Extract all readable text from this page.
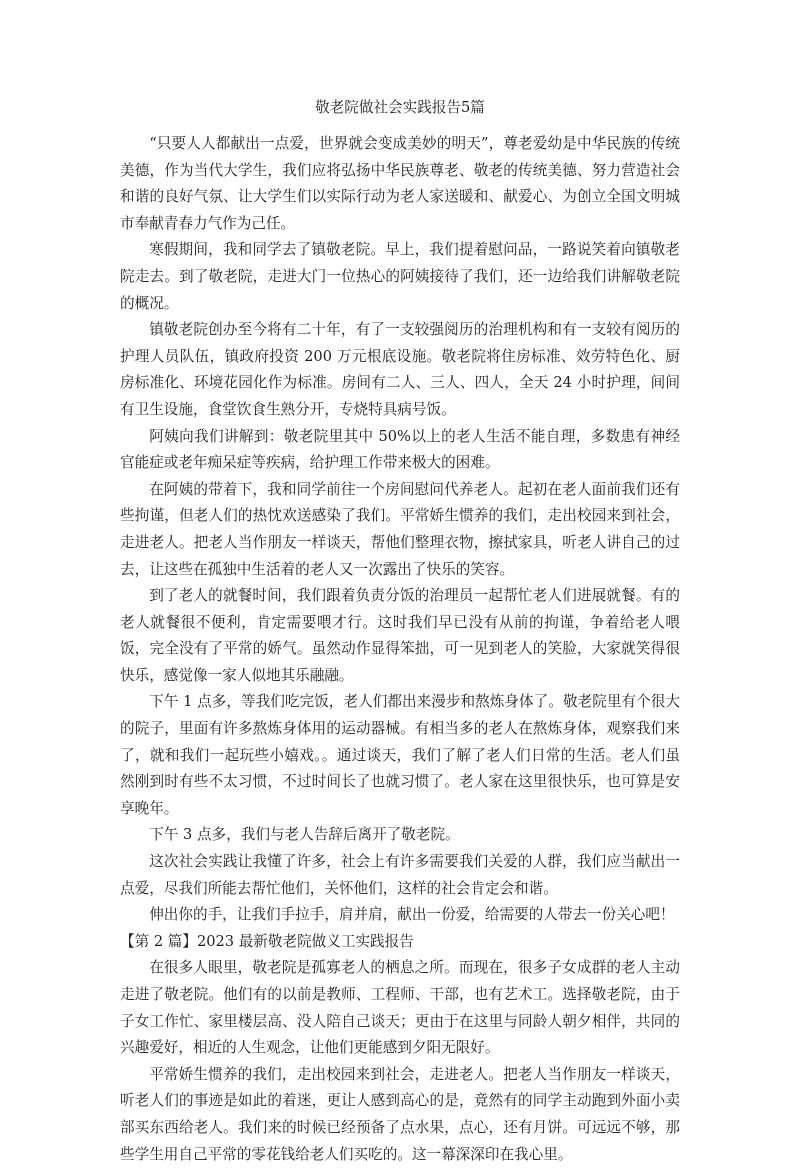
敬老院做社会实践报告5篇

“只要人人都献出一点爱，世界就会变成美妙的明天”，尊老爱幼是中华民族的传统美德，作为当代大学生，我们应将弘扬中华民族尊老、敬老的传统美德、努力营造社会和谐的良好气氛、让大学生们以实际行动为老人家送暖和、献爱心、为创立全国文明城市奉献青春力气作为己任。

寒假期间，我和同学去了镇敬老院。早上，我们提着慰问品，一路说笑着向镇敬老院走去。到了敬老院，走进大门一位热心的阿姨接待了我们，还一边给我们讲解敬老院的概况。

镇敬老院创办至今将有二十年，有了一支较强阅历的治理机构和有一支较有阅历的护理人员队伍，镇政府投资 200 万元根底设施。敬老院将住房标准、效劳特色化、厨房标准化、环境花园化作为标准。房间有二人、三人、四人，全天 24 小时护理，间间有卫生设施，食堂饮食生熟分开，专烧特具病号饭。

阿姨向我们讲解到：敬老院里其中 50%以上的老人生活不能自理，多数患有神经官能症或老年痴呆症等疾病，给护理工作带来极大的困难。

在阿姨的带着下，我和同学前往一个房间慰问代养老人。起初在老人面前我们还有些拘谨，但老人们的热忱欢送感染了我们。平常娇生惯养的我们，走出校园来到社会，走进老人。把老人当作朋友一样谈天，帮他们整理衣物，擦拭家具，听老人讲自己的过去，让这些在孤独中生活着的老人又一次露出了快乐的笑容。

到了老人的就餐时间，我们跟着负责分饭的治理员一起帮忙老人们进展就餐。有的老人就餐很不便利，肯定需要喂才行。这时我们早已没有从前的拘谨，争着给老人喂饭，完全没有了平常的娇气。虽然动作显得笨拙，可一见到老人的笑脸，大家就笑得很快乐，感觉像一家人似地其乐融融。

下午 1 点多，等我们吃完饭，老人们都出来漫步和熬炼身体了。敬老院里有个很大的院子，里面有许多熬炼身体用的运动器械。有相当多的老人在熬炼身体，观察我们来了，就和我们一起玩些小嬉戏。。通过谈天，我们了解了老人们日常的生活。老人们虽然刚到时有些不太习惯，不过时间长了也就习惯了。老人家在这里很快乐，也可算是安享晚年。

下午 3 点多，我们与老人告辞后离开了敬老院。

这次社会实践让我懂了许多，社会上有许多需要我们关爱的人群，我们应当献出一点爱，尽我们所能去帮忙他们，关怀他们，这样的社会肯定会和谐。

伸出你的手，让我们手拉手，肩并肩，献出一份爱，给需要的人带去一份关心吧！

【第 2 篇】2023 最新敬老院做义工实践报告

在很多人眼里，敬老院是孤寡老人的栖息之所。而现在，很多子女成群的老人主动走进了敬老院。他们有的以前是教师、工程师、干部，也有艺术工。选择敬老院，由于子女工作忙、家里楼层高、没人陪自己谈天；更由于在这里与同龄人朝夕相伴，共同的兴趣爱好，相近的人生观念，让他们更能感到夕阳无限好。

平常娇生惯养的我们，走出校园来到社会，走进老人。把老人当作朋友一样谈天，听老人们的事迹是如此的着迷，更让人感到高心的是，竟然有的同学主动跑到外面小卖部买东西给老人。我们来的时候已经预备了点水果，点心，还有月饼。可远远不够，那些学生用自己平常的零花钱给老人们买吃的。这一幕深深印在我心里。
